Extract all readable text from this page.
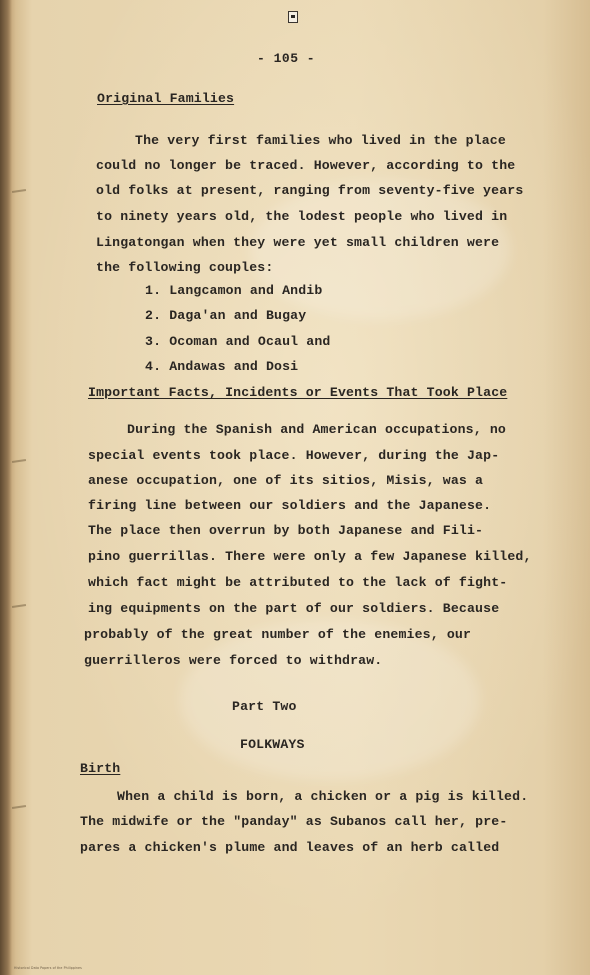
- 105 -
Original Families
The very first families who lived in the place
could no longer be traced. However, according to the
old folks at present, ranging from seventy-five years
to ninety years old, the lodest people who lived in
Lingatongan when they were yet small children were
the following couples:
1. Langcamon and Andib
2. Daga'an and Bugay
3. Ocoman and Ocaul and
4. Andawas and Dosi
Important Facts, Incidents or Events That Took Place
During the Spanish and American occupations, no
special events took place. However, during the Jap-
anese occupation, one of its sitios, Misis, was a
firing line between our soldiers and the Japanese.
The place then overrun by both Japanese and Fili-
pino guerrillas. There were only a few Japanese killed,
which fact might be attributed to the lack of fight-
ing equipments on the part of our soldiers. Because
probably of the great number of the enemies, our
guerrilleros were forced to withdraw.
Part Two
FOLKWAYS
Birth
When a child is born, a chicken or a pig is killed.
The midwife or the "panday" as Subanos call her, pre-
pares a chicken's plume and leaves of an herb called
Historical Data Papers of the Philippines
